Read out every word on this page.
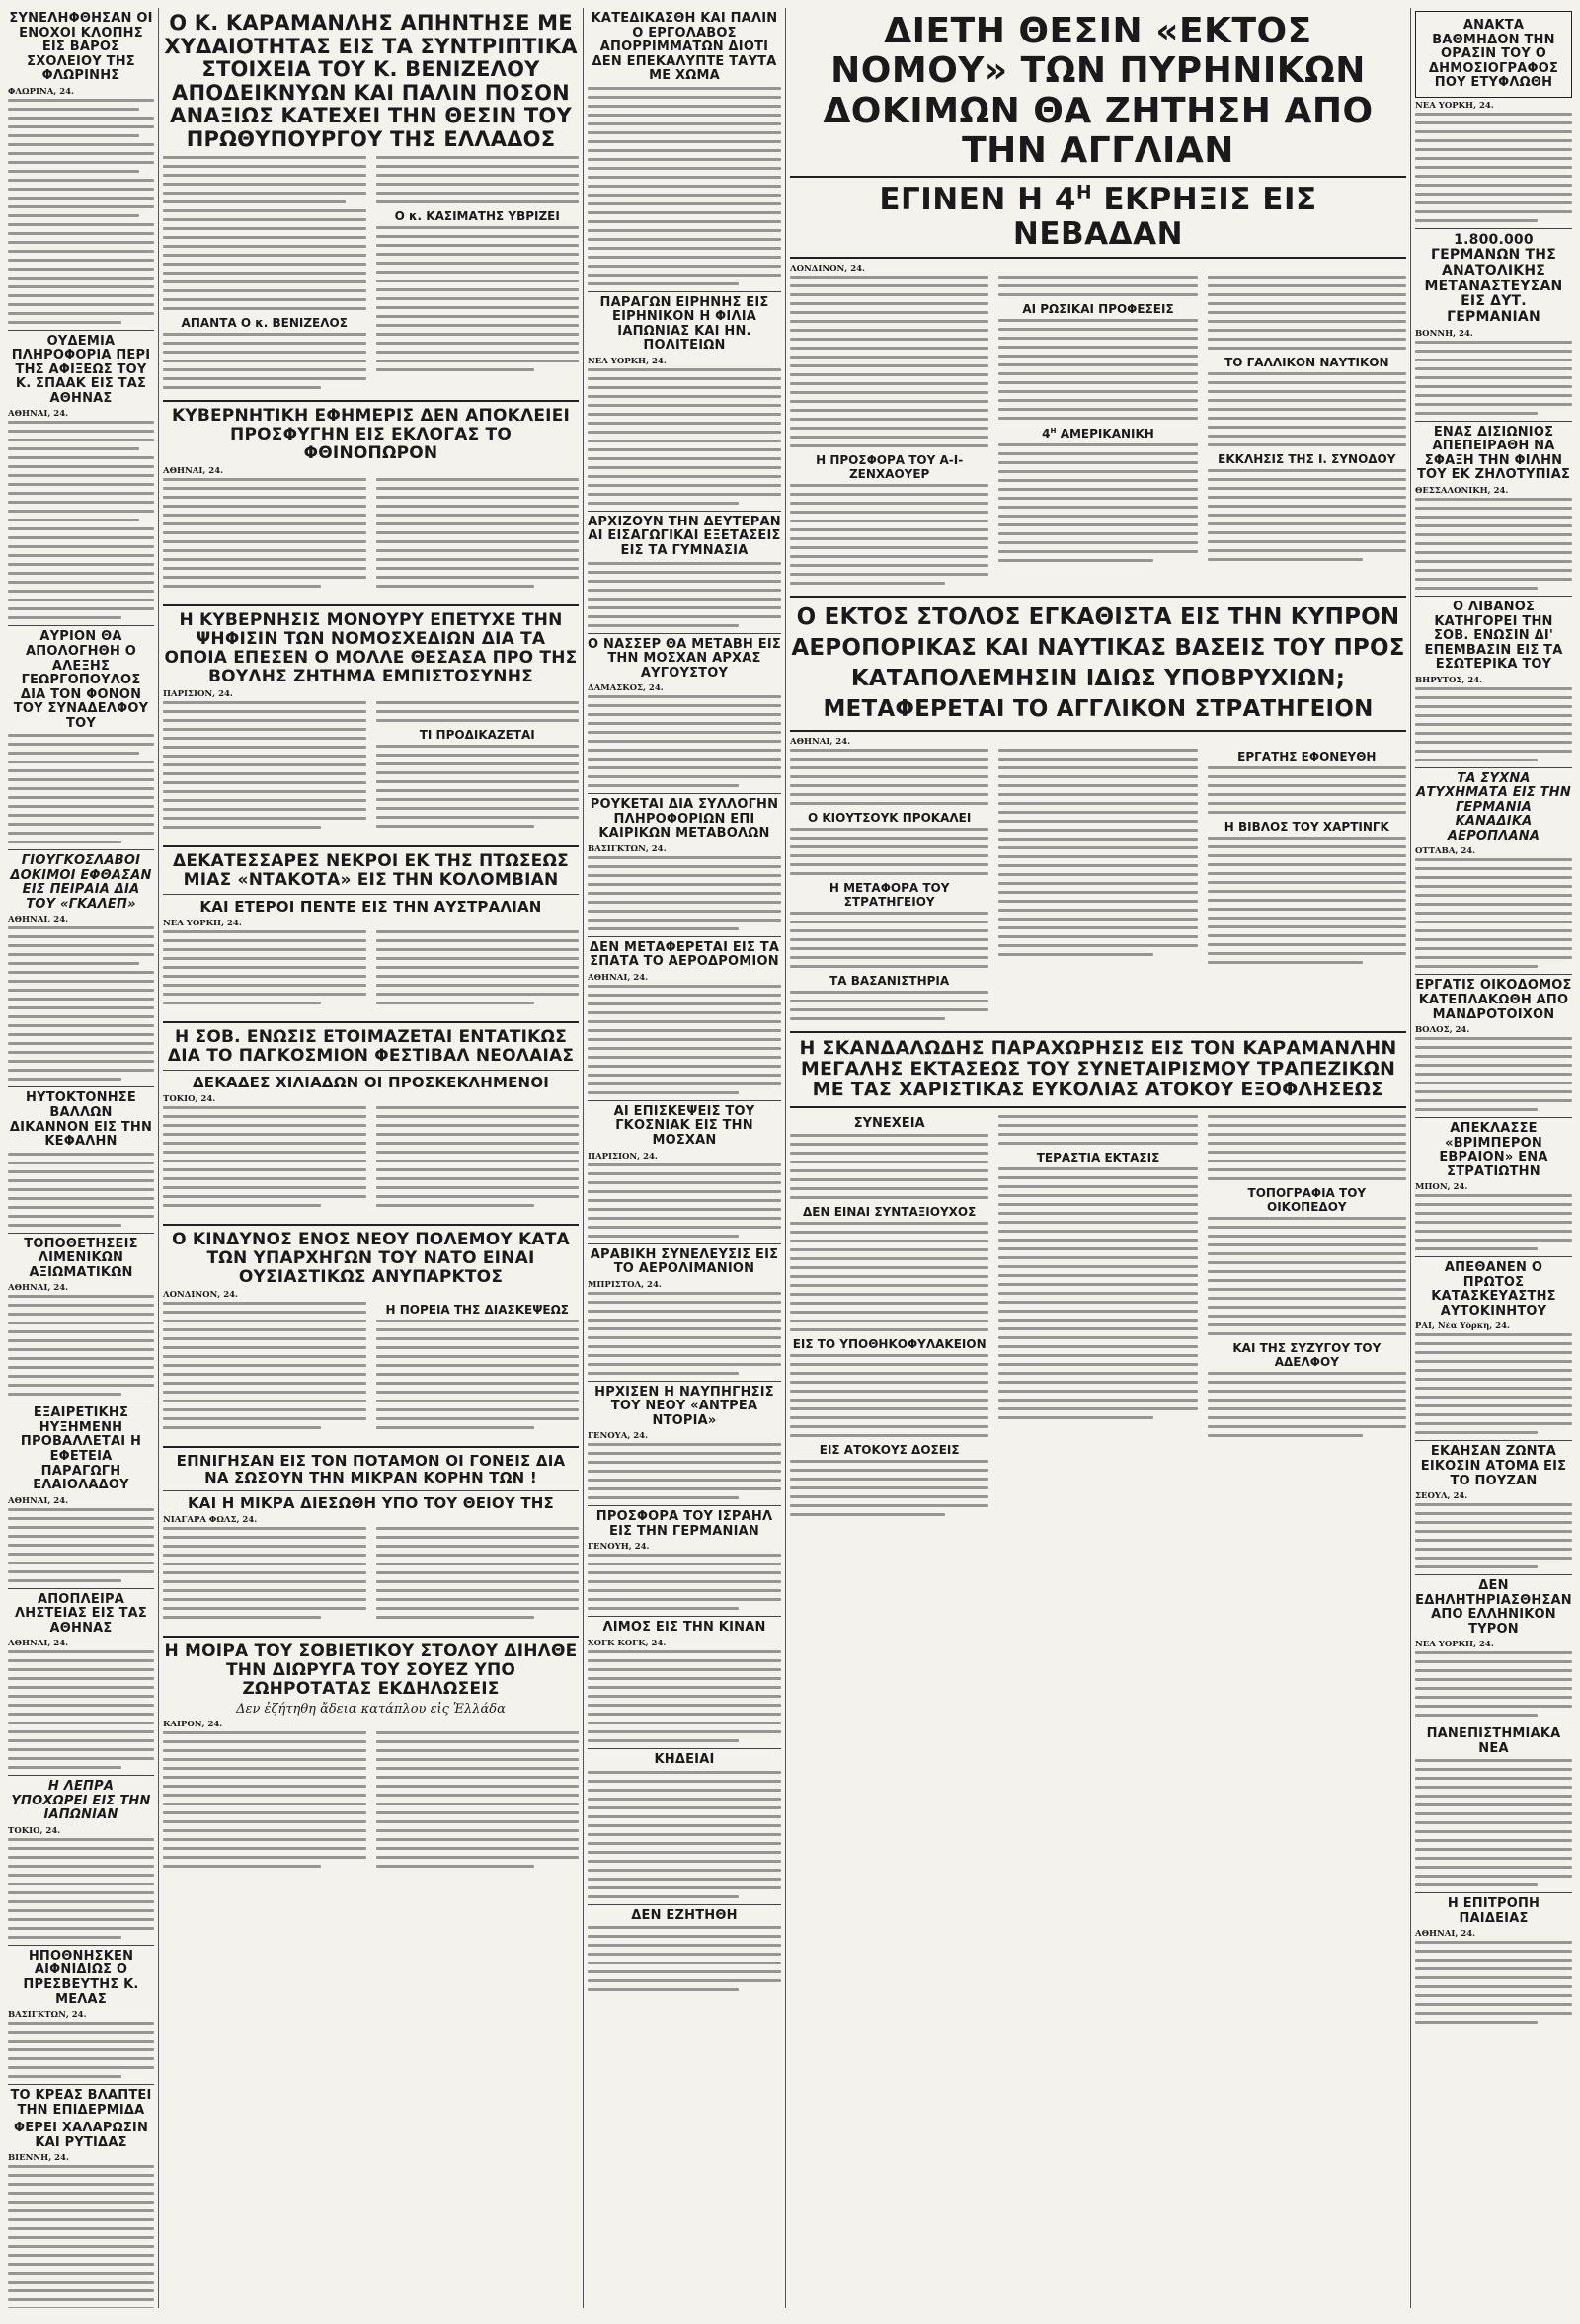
ΣΥΝΕΛΗΦΘΗΣΑΝ ΟΙ ΕΝΟΧΟΙ ΚΛΟΠΗΣ ΕΙΣ ΒΑΡΟΣ ΣΧΟΛΕΙΟΥ ΤΗΣ ΦΛΩΡΙΝΗΣ
ΦΛΩΡΙΝΑ, 24.
ΟΥΔΕΜΙΑ ΠΛΗΡΟΦΟΡΙΑ ΠΕΡΙ ΤΗΣ ΑΦΙΞΕΩΣ ΤΟΥ Κ. ΣΠΑΑΚ ΕΙΣ ΤΑΣ ΑΘΗΝΑΣ
ΑΘΗΝΑΙ, 24.
ΑΥΡΙΟΝ ΘΑ ΑΠΟΛΟΓΗΘΗ Ο ΑΛΕΞΗΣ ΓΕΩΡΓΟΠΟΥΛΟΣ ΔΙΑ ΤΟΝ ΦΟΝΟΝ ΤΟΥ ΣΥΝΑΔΕΛΦΟΥ ΤΟΥ
ΓΙΟΥΓΚΟΣΛΑΒΟΙ ΔΟΚΙΜΟΙ ΕΦΘΑΣΑΝ ΕΙΣ ΠΕΙΡΑΙΑ ΔΙΑ ΤΟΥ «ΓΚΑΛΕΠ»
ΑΘΗΝΑΙ, 24.
ΗΥΤΟΚΤΟΝΗΣΕ ΒΑΛΛΩΝ ΔΙΚΑΝΝΟΝ ΕΙΣ ΤΗΝ ΚΕΦΑΛΗΝ
ΤΟΠΟΘΕΤΗΣΕΙΣ ΛΙΜΕΝΙΚΩΝ ΑΞΙΩΜΑΤΙΚΩΝ
ΑΘΗΝΑΙ, 24.
ΕΞΑΙΡΕΤΙΚΗΣ ΗΥΞΗΜΕΝΗ ΠΡΟΒΑΛΛΕΤΑΙ Η ΕΦΕΤΕΙΑ ΠΑΡΑΓΩΓΗ ΕΛΑΙΟΛΑΔΟΥ
ΑΘΗΝΑΙ, 24.
ΑΠΟΠΛΕΙΡΑ ΛΗΣΤΕΙΑΣ ΕΙΣ ΤΑΣ ΑΘΗΝΑΣ
ΑΘΗΝΑΙ, 24.
Η ΛΕΠΡΑ ΥΠΟΧΩΡΕΙ ΕΙΣ ΤΗΝ ΙΑΠΩΝΙΑΝ
ΤΟΚΙΟ, 24.
ΗΠΟΘΝΗΣΚΕΝ ΑΙΦΝΙΔΙΩΣ Ο ΠΡΕΣΒΕΥΤΗΣ Κ. ΜΕΛΑΣ
ΒΑΣΙΓΚΤΩΝ, 24.
ΤΟ ΚΡΕΑΣ ΒΛΑΠΤΕΙ ΤΗΝ ΕΠΙΔΕΡΜΙΔΑ
ΦΕΡΕΙ ΧΑΛΑΡΩΣΙΝ ΚΑΙ ΡΥΤΙΔΑΣ
ΒΙΕΝΝΗ, 24.
Ο Κ. ΚΑΡΑΜΑΝΛΗΣ ΑΠΗΝΤΗΣΕ ΜΕ ΧΥΔΑΙΟΤΗΤΑΣ ΕΙΣ ΤΑ ΣΥΝΤΡΙΠΤΙΚΑ ΣΤΟΙΧΕΙΑ ΤΟΥ Κ. ΒΕΝΙΖΕΛΟΥ ΑΠΟΔΕΙΚΝΥΩΝ ΚΑΙ ΠΑΛΙΝ ΠΟΣΟΝ ΑΝΑΞΙΩΣ ΚΑΤΕΧΕΙ ΤΗΝ ΘΕΣΙΝ ΤΟΥ ΠΡΩΘΥΠΟΥΡΓΟΥ ΤΗΣ ΕΛΛΑΔΟΣ
ΑΠΑΝΤΑ Ο κ. ΒΕΝΙΖΕΛΟΣ
Ο κ. ΚΑΣΙΜΑΤΗΣ ΥΒΡΙΖΕΙ
ΚΥΒΕΡΝΗΤΙΚΗ ΕΦΗΜΕΡΙΣ ΔΕΝ ΑΠΟΚΛΕΙΕΙ ΠΡΟΣΦΥΓΗΝ ΕΙΣ ΕΚΛΟΓΑΣ ΤΟ ΦΘΙΝΟΠΩΡΟΝ
ΑΘΗΝΑΙ, 24.
Η ΚΥΒΕΡΝΗΣΙΣ ΜΟΝΟΥΡΥ ΕΠΕΤΥΧΕ ΤΗΝ ΨΗΦΙΣΙΝ ΤΩΝ ΝΟΜΟΣΧΕΔΙΩΝ ΔΙΑ ΤΑ ΟΠΟΙΑ ΕΠΕΣΕΝ Ο ΜΟΛΛΕ ΘΕΣΑΣΑ ΠΡΟ ΤΗΣ ΒΟΥΛΗΣ ΖΗΤΗΜΑ ΕΜΠΙΣΤΟΣΥΝΗΣ
ΠΑΡΙΣΙΟΝ, 24.
ΤΙ ΠΡΟΔΙΚΑΖΕΤΑΙ
ΔΕΚΑΤΕΣΣΑΡΕΣ ΝΕΚΡΟΙ ΕΚ ΤΗΣ ΠΤΩΣΕΩΣ ΜΙΑΣ «ΝΤΑΚΟΤΑ» ΕΙΣ ΤΗΝ ΚΟΛΟΜΒΙΑΝ
ΚΑΙ ΕΤΕΡΟΙ ΠΕΝΤΕ ΕΙΣ ΤΗΝ ΑΥΣΤΡΑΛΙΑΝ
ΝΕΑ ΥΟΡΚΗ, 24.
Η ΣΟΒ. ΕΝΩΣΙΣ ΕΤΟΙΜΑΖΕΤΑΙ ΕΝΤΑΤΙΚΩΣ ΔΙΑ ΤΟ ΠΑΓΚΟΣΜΙΟΝ ΦΕΣΤΙΒΑΛ ΝΕΟΛΑΙΑΣ
ΔΕΚΑΔΕΣ ΧΙΛΙΑΔΩΝ ΟΙ ΠΡΟΣΚΕΚΛΗΜΕΝΟΙ
ΤΟΚΙΟ, 24.
Ο ΚΙΝΔΥΝΟΣ ΕΝΟΣ ΝΕΟΥ ΠΟΛΕΜΟΥ ΚΑΤΑ ΤΩΝ ΥΠΑΡΧΗΓΩΝ ΤΟΥ ΝΑΤΟ ΕΙΝΑΙ ΟΥΣΙΑΣΤΙΚΩΣ ΑΝΥΠΑΡΚΤΟΣ
ΛΟΝΔΙΝΟΝ, 24.
Η ΠΟΡΕΙΑ ΤΗΣ ΔΙΑΣΚΕΨΕΩΣ
ΕΠΝΙΓΗΣΑΝ ΕΙΣ ΤΟΝ ΠΟΤΑΜΟΝ ΟΙ ΓΟΝΕΙΣ ΔΙΑ ΝΑ ΣΩΣΟΥΝ ΤΗΝ ΜΙΚΡΑΝ ΚΟΡΗΝ ΤΩΝ !
ΚΑΙ Η ΜΙΚΡΑ ΔΙΕΣΩΘΗ ΥΠΟ ΤΟΥ ΘΕΙΟΥ ΤΗΣ
ΝΙΑΓΑΡΑ ΦΩΛΣ, 24.
Η ΜΟΙΡΑ ΤΟΥ ΣΟΒΙΕΤΙΚΟΥ ΣΤΟΛΟΥ ΔΙΗΛΘΕ ΤΗΝ ΔΙΩΡΥΓΑ ΤΟΥ ΣΟΥΕΖ ΥΠΟ ΖΩΗΡΟΤΑΤΑΣ ΕΚΔΗΛΩΣΕΙΣ
Δεν ἐζήτηθη ἄδεια κατάπλου εἰς Ἑλλάδα
ΚΑΙΡΟΝ, 24.
ΚΑΤΕΔΙΚΑΣΘΗ ΚΑΙ ΠΑΛΙΝ Ο ΕΡΓΟΛΑΒΟΣ ΑΠΟΡΡΙΜΜΑΤΩΝ ΔΙΟΤΙ ΔΕΝ ΕΠΕΚΑΛΥΠΤΕ ΤΑΥΤΑ ΜΕ ΧΩΜΑ
ΠΑΡΑΓΩΝ ΕΙΡΗΝΗΣ ΕΙΣ ΕΙΡΗΝΙΚΟΝ Η ΦΙΛΙΑ ΙΑΠΩΝΙΑΣ ΚΑΙ ΗΝ. ΠΟΛΙΤΕΙΩΝ
ΝΕΑ ΥΟΡΚΗ, 24.
ΑΡΧΙΖΟΥΝ ΤΗΝ ΔΕΥΤΕΡΑΝ ΑΙ ΕΙΣΑΓΩΓΙΚΑΙ ΕΞΕΤΑΣΕΙΣ ΕΙΣ ΤΑ ΓΥΜΝΑΣΙΑ
Ο ΝΑΣΣΕΡ ΘΑ ΜΕΤΑΒΗ ΕΙΣ ΤΗΝ ΜΟΣΧΑΝ ΑΡΧΑΣ ΑΥΓΟΥΣΤΟΥ
ΔΑΜΑΣΚΟΣ, 24.
ΡΟΥΚΕΤΑΙ ΔΙΑ ΣΥΛΛΟΓΗΝ ΠΛΗΡΟΦΟΡΙΩΝ ΕΠΙ ΚΑΙΡΙΚΩΝ ΜΕΤΑΒΟΛΩΝ
ΒΑΣΙΓΚΤΩΝ, 24.
ΔΕΝ ΜΕΤΑΦΕΡΕΤΑΙ ΕΙΣ ΤΑ ΣΠΑΤΑ ΤΟ ΑΕΡΟΔΡΟΜΙΟΝ
ΑΘΗΝΑΙ, 24.
ΑΙ ΕΠΙΣΚΕΨΕΙΣ ΤΟΥ ΓΚΟΣΝΙΑΚ ΕΙΣ ΤΗΝ ΜΟΣΧΑΝ
ΠΑΡΙΣΙΟΝ, 24.
ΑΡΑΒΙΚΗ ΣΥΝΕΛΕΥΣΙΣ ΕΙΣ ΤΟ ΑΕΡΟΛΙΜΑΝΙΟΝ
ΜΠΡΙΣΤΟΛ, 24.
ΗΡΧΙΣΕΝ Η ΝΑΥΠΗΓΗΣΙΣ ΤΟΥ ΝΕΟΥ «ΑΝΤΡΕΑ ΝΤΟΡΙΑ»
ΓΕΝΟΥΑ, 24.
ΠΡΟΣΦΟΡΑ ΤΟΥ ΙΣΡΑΗΛ ΕΙΣ ΤΗΝ ΓΕΡΜΑΝΙΑΝ
ΓΕΝΟΥΗ, 24.
ΛΙΜΟΣ ΕΙΣ ΤΗΝ ΚΙΝΑΝ
ΧΟΓΚ ΚΟΓΚ, 24.
ΚΗΔΕΙΑΙ
ΔΕΝ ΕΖΗΤΗΘΗ
ΔΙΕΤΗ ΘΕΣΙΝ «ΕΚΤΟΣ ΝΟΜΟΥ» ΤΩΝ ΠΥΡΗΝΙΚΩΝ ΔΟΚΙΜΩΝ ΘΑ ΖΗΤΗΣΗ ΑΠΟ ΤΗΝ ΑΓΓΛΙΑΝ
ΕΓΙΝΕΝ Η $4^H$ ΕΚΡΗΞΙΣ ΕΙΣ ΝΕΒΑΔΑΝ
ΛΟΝΔΙΝΟΝ, 24.
Η ΠΡΟΣΦΟΡΑ ΤΟΥ Α-Ι-ΖΕΝΧΑΟΥΕΡ
ΑΙ ΡΩΣΙΚΑΙ ΠΡΟΦΕΣΕΙΣ
$4^H$ ΑΜΕΡΙΚΑΝΙΚΗ
ΤΟ ΓΑΛΛΙΚΟΝ ΝΑΥΤΙΚΟΝ
ΕΚΚΛΗΣΙΣ ΤΗΣ Ι. ΣΥΝΟΔΟΥ
Ο ΕΚΤΟΣ ΣΤΟΛΟΣ ΕΓΚΑΘΙΣΤΑ ΕΙΣ ΤΗΝ ΚΥΠΡΟΝ ΑΕΡΟΠΟΡΙΚΑΣ ΚΑΙ ΝΑΥΤΙΚΑΣ ΒΑΣΕΙΣ ΤΟΥ ΠΡΟΣ ΚΑΤΑΠΟΛΕΜΗΣΙΝ ΙΔΙΩΣ ΥΠΟΒΡΥΧΙΩΝ; ΜΕΤΑΦΕΡΕΤΑΙ ΤΟ ΑΓΓΛΙΚΟΝ ΣΤΡΑΤΗΓΕΙΟΝ
ΑΘΗΝΑΙ, 24.
Ο ΚΙΟΥΤΣΟΥΚ ΠΡΟΚΑΛΕΙ
Η ΜΕΤΑΦΟΡΑ ΤΟΥ ΣΤΡΑΤΗΓΕΙΟΥ
ΤΑ ΒΑΣΑΝΙΣΤΗΡΙΑ
ΕΡΓΑΤΗΣ ΕΦΟΝΕΥΘΗ
Η ΒΙΒΛΟΣ ΤΟΥ ΧΑΡΤΙΝΓΚ
Η ΣΚΑΝΔΑΛΩΔΗΣ ΠΑΡΑΧΩΡΗΣΙΣ ΕΙΣ ΤΟΝ ΚΑΡΑΜΑΝΛΗΝ ΜΕΓΑΛΗΣ ΕΚΤΑΣΕΩΣ ΤΟΥ ΣΥΝΕΤΑΙΡΙΣΜΟΥ ΤΡΑΠΕΖΙΚΩΝ ΜΕ ΤΑΣ ΧΑΡΙΣΤΙΚΑΣ ΕΥΚΟΛΙΑΣ ΑΤΟΚΟΥ ΕΞΟΦΛΗΣΕΩΣ
ΣΥΝΕΧΕΙΑ
ΔΕΝ ΕΙΝΑΙ ΣΥΝΤΑΞΙΟΥΧΟΣ
ΕΙΣ ΤΟ ΥΠΟΘΗΚΟΦΥΛΑΚΕΙΟΝ
ΕΙΣ ΑΤΟΚΟΥΣ ΔΟΣΕΙΣ
ΤΕΡΑΣΤΙΑ ΕΚΤΑΣΙΣ
ΤΟΠΟΓΡΑΦΙΑ ΤΟΥ ΟΙΚΟΠΕΔΟΥ
ΚΑΙ ΤΗΣ ΣΥΖΥΓΟΥ ΤΟΥ ΑΔΕΛΦΟΥ
ΑΝΑΚΤΑ ΒΑΘΜΗΔΟΝ ΤΗΝ ΟΡΑΣΙΝ ΤΟΥ Ο ΔΗΜΟΣΙΟΓΡΑΦΟΣ ΠΟΥ ΕΤΥΦΛΩΘΗ
ΝΕΑ ΥΟΡΚΗ, 24.
1.800.000 ΓΕΡΜΑΝΩΝ ΤΗΣ ΑΝΑΤΟΛΙΚΗΣ ΜΕΤΑΝΑΣΤΕΥΣΑΝ ΕΙΣ ΔΥΤ. ΓΕΡΜΑΝΙΑΝ
ΒΟΝΝΗ, 24.
ΕΝΑΣ ΔΙΣΙΩΝΙΟΣ ΑΠΕΠΕΙΡΑΘΗ ΝΑ ΣΦΑΞΗ ΤΗΝ ΦΙΛΗΝ ΤΟΥ ΕΚ ΖΗΛΟΤΥΠΙΑΣ
ΘΕΣΣΑΛΟΝΙΚΗ, 24.
Ο ΛΙΒΑΝΟΣ ΚΑΤΗΓΟΡΕΙ ΤΗΝ ΣΟΒ. ΕΝΩΣΙΝ ΔΙ' ΕΠΕΜΒΑΣΙΝ ΕΙΣ ΤΑ ΕΣΩΤΕΡΙΚΑ ΤΟΥ
ΒΗΡΥΤΟΣ, 24.
ΤΑ ΣΥΧΝΑ ΑΤΥΧΗΜΑΤΑ ΕΙΣ ΤΗΝ ΓΕΡΜΑΝΙΑ ΚΑΝΑΔΙΚΑ ΑΕΡΟΠΛΑΝΑ
ΟΤΤΑΒΑ, 24.
ΕΡΓΑΤΙΣ ΟΙΚΟΔΟΜΟΣ ΚΑΤΕΠΛΑΚΩΘΗ ΑΠΟ ΜΑΝΔΡΟΤΟΙΧΟΝ
ΒΟΛΟΣ, 24.
ΑΠΕΚΛΑΣΣΕ «ΒΡΙΜΠΕΡΟΝ ΕΒΡΑΙΟΝ» ΕΝΑ ΣΤΡΑΤΙΩΤΗΝ
ΜΠΟΝ, 24.
ΑΠΕΘΑΝΕΝ Ο ΠΡΩΤΟΣ ΚΑΤΑΣΚΕΥΑΣΤΗΣ ΑΥΤΟΚΙΝΗΤΟΥ
ΡΑΙ, Νέα Υόρκη, 24.
ΕΚΑΗΣΑΝ ΖΩΝΤΑ ΕΙΚΟΣΙΝ ΑΤΟΜΑ ΕΙΣ ΤΟ ΠΟΥΖΑΝ
ΣΕΟΥΛ, 24.
ΔΕΝ ΕΔΗΛΗΤΗΡΙΑΣΘΗΣΑΝ ΑΠΟ ΕΛΛΗΝΙΚΟΝ ΤΥΡΟΝ
ΝΕΑ ΥΟΡΚΗ, 24.
ΠΑΝΕΠΙΣΤΗΜΙΑΚΑ ΝΕΑ
Η ΕΠΙΤΡΟΠΗ ΠΑΙΔΕΙΑΣ
ΑΘΗΝΑΙ, 24.
